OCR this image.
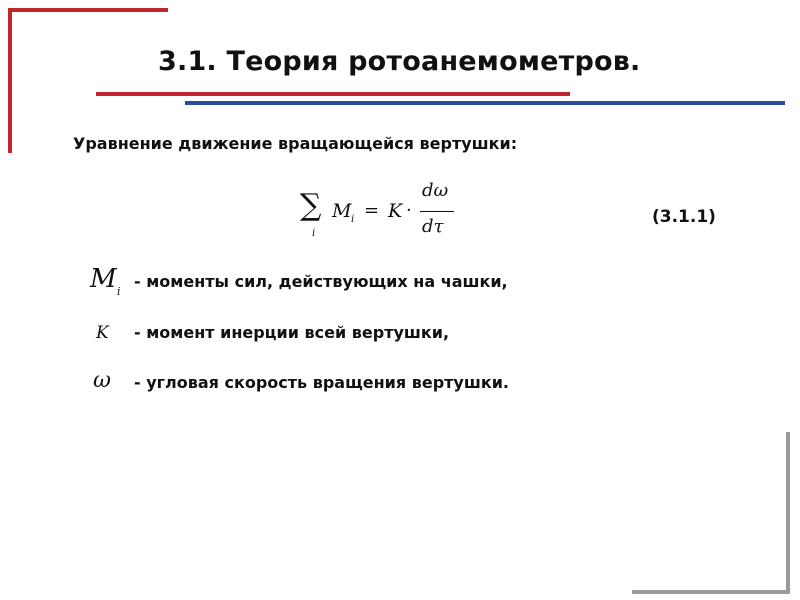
3.1. Теория ротоанемометров.
Уравнение движение вращающейся вертушки:
∑
i
M i = K ·
dω
dτ	(3.1.1)
M i
- моменты сил, действующих на чашки,
K - момент инерции всей вертушки,
ω - угловая скорость вращения вертушки.
